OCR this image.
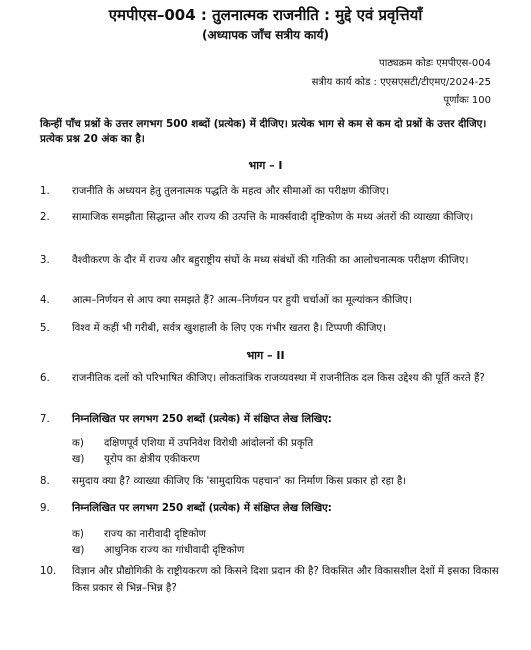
एमपीएस–004 : तुलनात्मक राजनीति : मुद्दे एवं प्रवृत्तियाँ
(अध्यापक जाँच सत्रीय कार्य)
पाठ्यक्रम कोडः एमपीएस-004
सत्रीय कार्य कोड : एएसएसटी/टीएमए/2024-25
पूर्णांकः 100
किन्हीं पाँच प्रश्नों के उत्तर लगभग 500 शब्दों (प्रत्येक) में दीजिए। प्रत्येक भाग से कम से कम दो प्रश्नों के उत्तर दीजिए। प्रत्येक प्रश्न 20 अंक का है।
भाग – I
1.	राजनीति के अध्ययन हेतु तुलनात्मक पद्धति के महत्व और सीमाओं का परीक्षण कीजिए।
2.	सामाजिक समझौता सिद्धान्त और राज्य की उत्पत्ति के मार्क्सवादी दृष्टिकोण के मध्य अंतरों की व्याख्या कीजिए।
3.	वैश्वीकरण के दौर में राज्य और बहुराष्ट्रीय संघों के मध्य संबंधों की गतिकी का आलोचनात्मक परीक्षण कीजिए।
4.	आत्म–निर्णयन से आप क्या समझते हैं? आत्म–निर्णयन पर हुयी चर्चाओं का मूल्यांकन कीजिए।
5.	विश्व में कहीं भी गरीबी, सर्वत्र खुशहाली के लिए एक गंभीर खतरा है। टिप्पणी कीजिए।
भाग – II
6.	राजनीतिक दलों को परिभाषित कीजिए। लोकतांत्रिक राजव्यवस्था में राजनीतिक दल किस उद्देश्य की पूर्ति करते हैं?
7.	निम्नलिखित पर लगभग 250 शब्दों (प्रत्येक) में संक्षिप्त लेख लिखिए:
क) दक्षिणपूर्व एशिया में उपनिवेश विरोधी आंदोलनों की प्रकृति
ख) यूरोप का क्षेत्रीय एकीकरण
8.	समुदाय क्या है? व्याख्या कीजिए कि 'सामुदायिक पहचान' का निर्माण किस प्रकार हो रहा है।
9.	निम्नलिखित पर लगभग 250 शब्दों (प्रत्येक) में संक्षिप्त लेख लिखिए:
क) राज्य का नारीवादी दृष्टिकोण
ख) आधुनिक राज्य का गांधीवादी दृष्टिकोण
10.	विज्ञान और प्रौद्योगिकी के राष्ट्रीयकरण को किसने दिशा प्रदान की है? विकसित और विकासशील देशों में इसका विकास किस प्रकार से भिन्न–भिन्न है?
